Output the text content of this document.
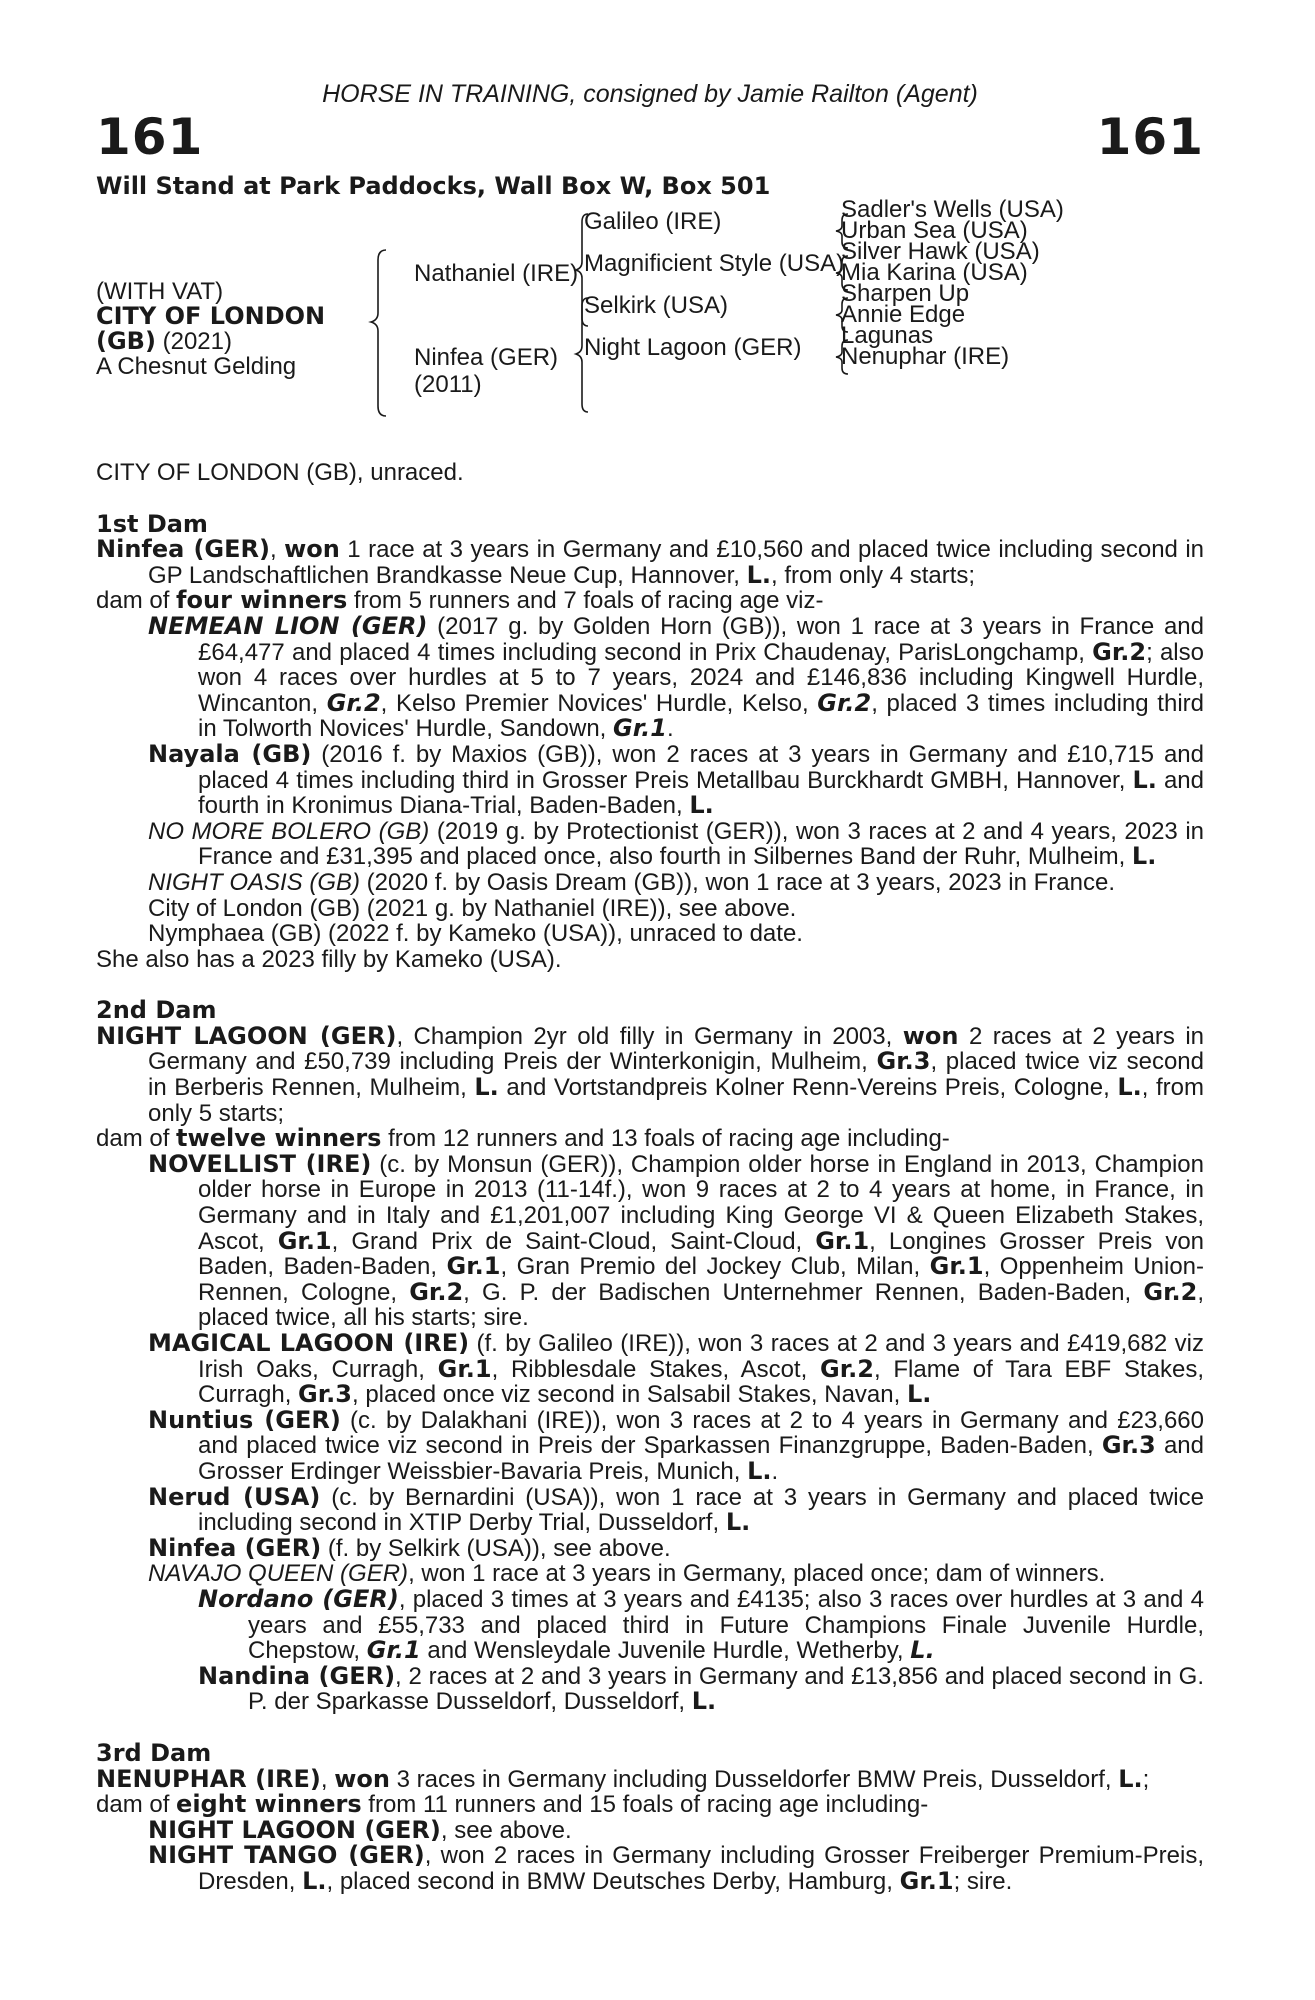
HORSE IN TRAINING, consigned by Jamie Railton (Agent)
161	161
Will Stand at Park Paddocks, Wall Box W, Box 501
(WITH VAT)
CITY OF LONDON
(GB) (2021)
A Chesnut Gelding
Nathaniel (IRE)
Ninfea (GER)
(2011)
Galileo (IRE)
Magnificient Style (USA)
Selkirk (USA)
Night Lagoon (GER)
Sadler's Wells (USA)
Urban Sea (USA)
Silver Hawk (USA)
Mia Karina (USA)
Sharpen Up
Annie Edge
Lagunas
Nenuphar (IRE)

CITY OF LONDON (GB), unraced.

1st Dam

Ninfea (GER), won 1 race at 3 years in Germany and £10,560 and placed twice including second in GP Landschaftlichen Brandkasse Neue Cup, Hannover, L., from only 4 starts;

dam of four winners from 5 runners and 7 foals of racing age viz-

NEMEAN LION (GER) (2017 g. by Golden Horn (GB)), won 1 race at 3 years in France and £64,477 and placed 4 times including second in Prix Chaudenay, ParisLongchamp, Gr.2; also won 4 races over hurdles at 5 to 7 years, 2024 and £146,836 including Kingwell Hurdle, Wincanton, Gr.2, Kelso Premier Novices' Hurdle, Kelso, Gr.2, placed 3 times including third in Tolworth Novices' Hurdle, Sandown, Gr.1.

Nayala (GB) (2016 f. by Maxios (GB)), won 2 races at 3 years in Germany and £10,715 and placed 4 times including third in Grosser Preis Metallbau Burckhardt GMBH, Hannover, L. and fourth in Kronimus Diana-Trial, Baden-Baden, L.

NO MORE BOLERO (GB) (2019 g. by Protectionist (GER)), won 3 races at 2 and 4 years, 2023 in France and £31,395 and placed once, also fourth in Silbernes Band der Ruhr, Mulheim, L.

NIGHT OASIS (GB) (2020 f. by Oasis Dream (GB)), won 1 race at 3 years, 2023 in France.

City of London (GB) (2021 g. by Nathaniel (IRE)), see above.

Nymphaea (GB) (2022 f. by Kameko (USA)), unraced to date.

She also has a 2023 filly by Kameko (USA).

2nd Dam

NIGHT LAGOON (GER), Champion 2yr old filly in Germany in 2003, won 2 races at 2 years in Germany and £50,739 including Preis der Winterkonigin, Mulheim, Gr.3, placed twice viz second in Berberis Rennen, Mulheim, L. and Vortstandpreis Kolner Renn-Vereins Preis, Cologne, L., from only 5 starts;

dam of twelve winners from 12 runners and 13 foals of racing age including-

NOVELLIST (IRE) (c. by Monsun (GER)), Champion older horse in England in 2013, Champion older horse in Europe in 2013 (11-14f.), won 9 races at 2 to 4 years at home, in France, in Germany and in Italy and £1,201,007 including King George VI & Queen Elizabeth Stakes, Ascot, Gr.1, Grand Prix de Saint-Cloud, Saint-Cloud, Gr.1, Longines Grosser Preis von Baden, Baden-Baden, Gr.1, Gran Premio del Jockey Club, Milan, Gr.1, Oppenheim Union-Rennen, Cologne, Gr.2, G. P. der Badischen Unternehmer Rennen, Baden-Baden, Gr.2, placed twice, all his starts; sire.

MAGICAL LAGOON (IRE) (f. by Galileo (IRE)), won 3 races at 2 and 3 years and £419,682 viz Irish Oaks, Curragh, Gr.1, Ribblesdale Stakes, Ascot, Gr.2, Flame of Tara EBF Stakes, Curragh, Gr.3, placed once viz second in Salsabil Stakes, Navan, L.

Nuntius (GER) (c. by Dalakhani (IRE)), won 3 races at 2 to 4 years in Germany and £23,660 and placed twice viz second in Preis der Sparkassen Finanzgruppe, Baden-Baden, Gr.3 and Grosser Erdinger Weissbier-Bavaria Preis, Munich, L..

Nerud (USA) (c. by Bernardini (USA)), won 1 race at 3 years in Germany and placed twice including second in XTIP Derby Trial, Dusseldorf, L.

Ninfea (GER) (f. by Selkirk (USA)), see above.

NAVAJO QUEEN (GER), won 1 race at 3 years in Germany, placed once; dam of winners.

Nordano (GER), placed 3 times at 3 years and £4135; also 3 races over hurdles at 3 and 4 years and £55,733 and placed third in Future Champions Finale Juvenile Hurdle, Chepstow, Gr.1 and Wensleydale Juvenile Hurdle, Wetherby, L.

Nandina (GER), 2 races at 2 and 3 years in Germany and £13,856 and placed second in G. P. der Sparkasse Dusseldorf, Dusseldorf, L.

3rd Dam

NENUPHAR (IRE), won 3 races in Germany including Dusseldorfer BMW Preis, Dusseldorf, L.;

dam of eight winners from 11 runners and 15 foals of racing age including-

NIGHT LAGOON (GER), see above.

NIGHT TANGO (GER), won 2 races in Germany including Grosser Freiberger Premium-Preis, Dresden, L., placed second in BMW Deutsches Derby, Hamburg, Gr.1; sire.
